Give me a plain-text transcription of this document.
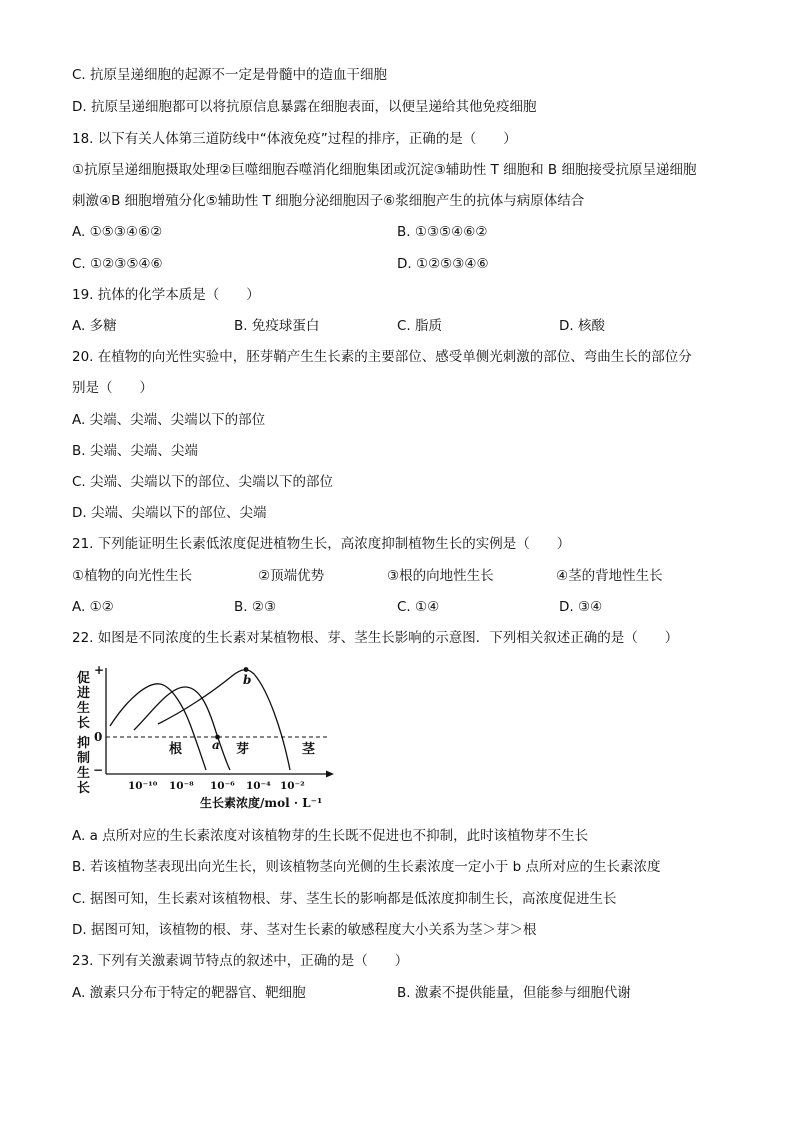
C. 抗原呈递细胞的起源不一定是骨髓中的造血干细胞
D. 抗原呈递细胞都可以将抗原信息暴露在细胞表面，以便呈递给其他免疫细胞
18. 以下有关人体第三道防线中“体液免疫”过程的排序，正确的是（　　）
①抗原呈递细胞摄取处理②巨噬细胞吞噬消化细胞集团或沉淀③辅助性 T 细胞和 B 细胞接受抗原呈递细胞
刺激④B 细胞增殖分化⑤辅助性 T 细胞分泌细胞因子⑥浆细胞产生的抗体与病原体结合
A. ①⑤③④⑥②	B. ①③⑤④⑥②
C. ①②③⑤④⑥	D. ①②⑤③④⑥
19. 抗体的化学本质是（　　）
A. 多糖	B. 免疫球蛋白	C. 脂质	D. 核酸
20. 在植物的向光性实验中，胚芽鞘产生生长素的主要部位、感受单侧光刺激的部位、弯曲生长的部位分
别是（　　）
A. 尖端、尖端、尖端以下的部位
B. 尖端、尖端、尖端
C. 尖端、尖端以下的部位、尖端以下的部位
D. 尖端、尖端以下的部位、尖端
21. 下列能证明生长素低浓度促进植物生长，高浓度抑制植物生长的实例是（　　）
①植物的向光性生长	②顶端优势	③根的向地性生长	④茎的背地性生长
A. ①②	B. ②③	C. ①④	D. ③④
22. 如图是不同浓度的生长素对某植物根、芽、茎生长影响的示意图．下列相关叙述正确的是（　　）
+
促
进
生
长
0
抑
制
生
长
−
a
b
根	芽	茎
10⁻¹⁰ 10⁻⁸ 10⁻⁶ 10⁻⁴ 10⁻²
生长素浓度/mol · L⁻¹
A. a 点所对应的生长素浓度对该植物芽的生长既不促进也不抑制，此时该植物芽不生长
B. 若该植物茎表现出向光生长，则该植物茎向光侧的生长素浓度一定小于 b 点所对应的生长素浓度
C. 据图可知，生长素对该植物根、芽、茎生长的影响都是低浓度抑制生长，高浓度促进生长
D. 据图可知，该植物的根、芽、茎对生长素的敏感程度大小关系为茎＞芽＞根
23. 下列有关激素调节特点的叙述中，正确的是（　　）
A. 激素只分布于特定的靶器官、靶细胞	B. 激素不提供能量，但能参与细胞代谢
